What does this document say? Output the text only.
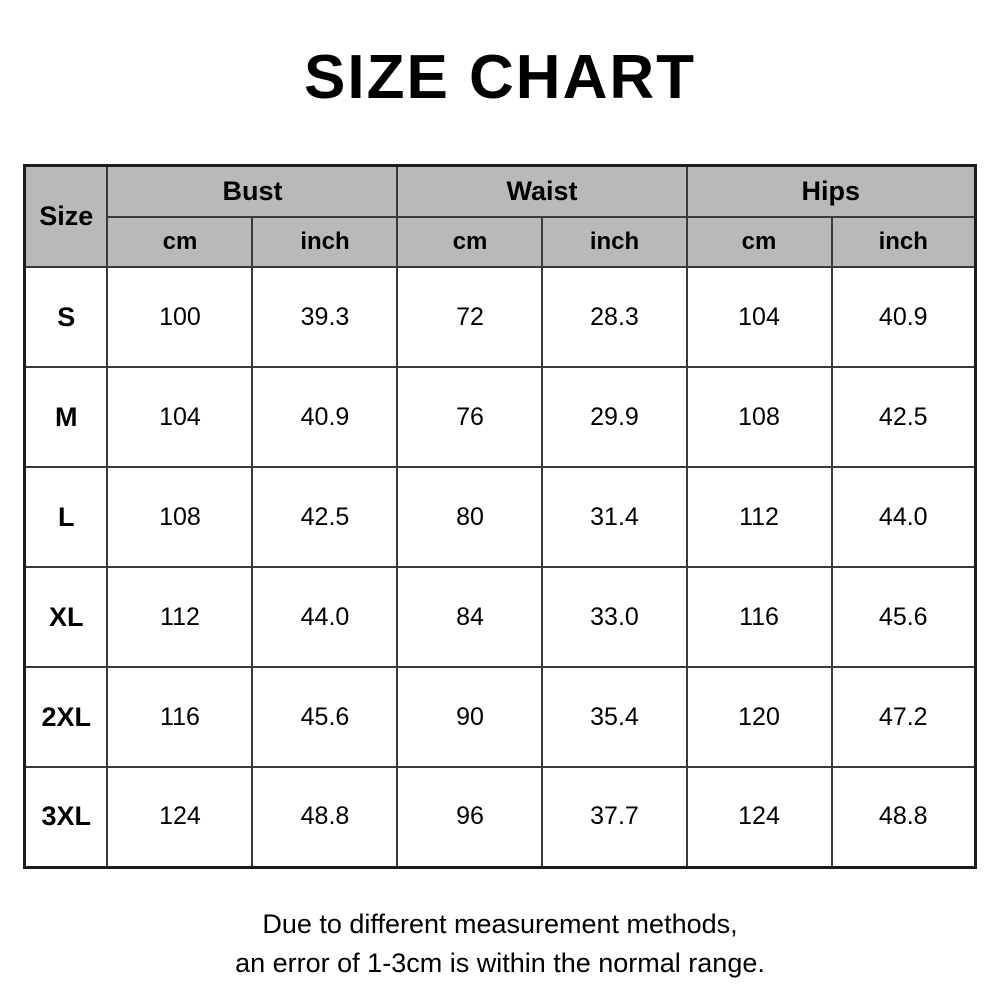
SIZE CHART
Size	Bust		Waist		Hips	
	cm	inch	cm	inch	cm	inch
S	100	39.3	72	28.3	104	40.9
M	104	40.9	76	29.9	108	42.5
L	108	42.5	80	31.4	112	44.0
XL	112	44.0	84	33.0	116	45.6
2XL	116	45.6	90	35.4	120	47.2
3XL	124	48.8	96	37.7	124	48.8
Due to different measurement methods,
an error of 1-3cm is within the normal range.
